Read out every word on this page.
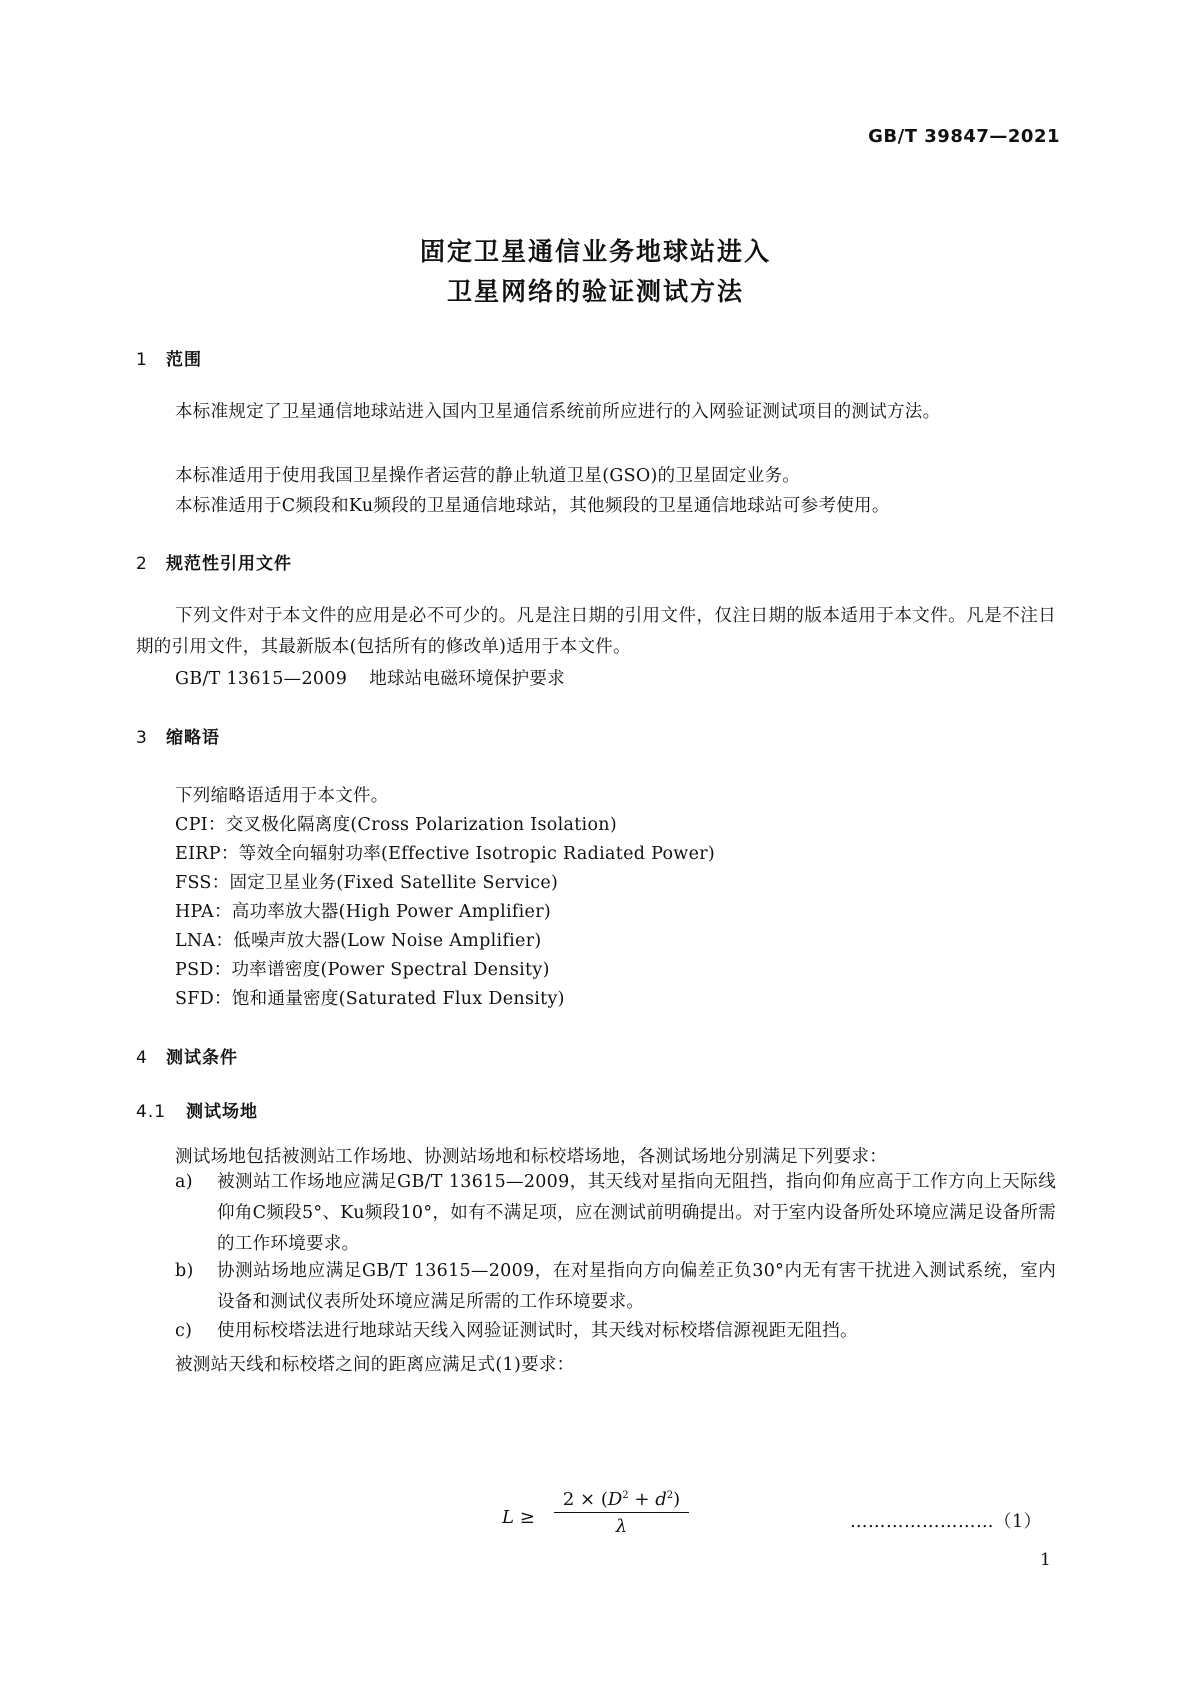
GB/T 39847—2021
固定卫星通信业务地球站进入
卫星网络的验证测试方法
1 范围
本标准规定了卫星通信地球站进入国内卫星通信系统前所应进行的入网验证测试项目的测试方法。
本标准适用于使用我国卫星操作者运营的静止轨道卫星(GSO)的卫星固定业务。
本标准适用于C频段和Ku频段的卫星通信地球站，其他频段的卫星通信地球站可参考使用。
2 规范性引用文件
下列文件对于本文件的应用是必不可少的。凡是注日期的引用文件，仅注日期的版本适用于本文件。凡是不注日期的引用文件，其最新版本(包括所有的修改单)适用于本文件。
GB/T 13615—2009 地球站电磁环境保护要求
3 缩略语
下列缩略语适用于本文件。
CPI：交叉极化隔离度(Cross Polarization Isolation)
EIRP：等效全向辐射功率(Effective Isotropic Radiated Power)
FSS：固定卫星业务(Fixed Satellite Service)
HPA：高功率放大器(High Power Amplifier)
LNA：低噪声放大器(Low Noise Amplifier)
PSD：功率谱密度(Power Spectral Density)
SFD：饱和通量密度(Saturated Flux Density)
4 测试条件
4.1 测试场地
测试场地包括被测站工作场地、协测站场地和标校塔场地，各测试场地分别满足下列要求：
a) 被测站工作场地应满足GB/T 13615—2009，其天线对星指向无阻挡，指向仰角应高于工作方向上天际线仰角C频段5°、Ku频段10°，如有不满足项，应在测试前明确提出。对于室内设备所处环境应满足设备所需的工作环境要求。
b) 协测站场地应满足GB/T 13615—2009，在对星指向方向偏差正负30°内无有害干扰进入测试系统，室内设备和测试仪表所处环境应满足所需的工作环境要求。
c) 使用标校塔法进行地球站天线入网验证测试时，其天线对标校塔信源视距无阻挡。
被测站天线和标校塔之间的距离应满足式(1)要求：
L ≥
$2 \times (D^2 + d^2)$
λ	……………………（1）
1
